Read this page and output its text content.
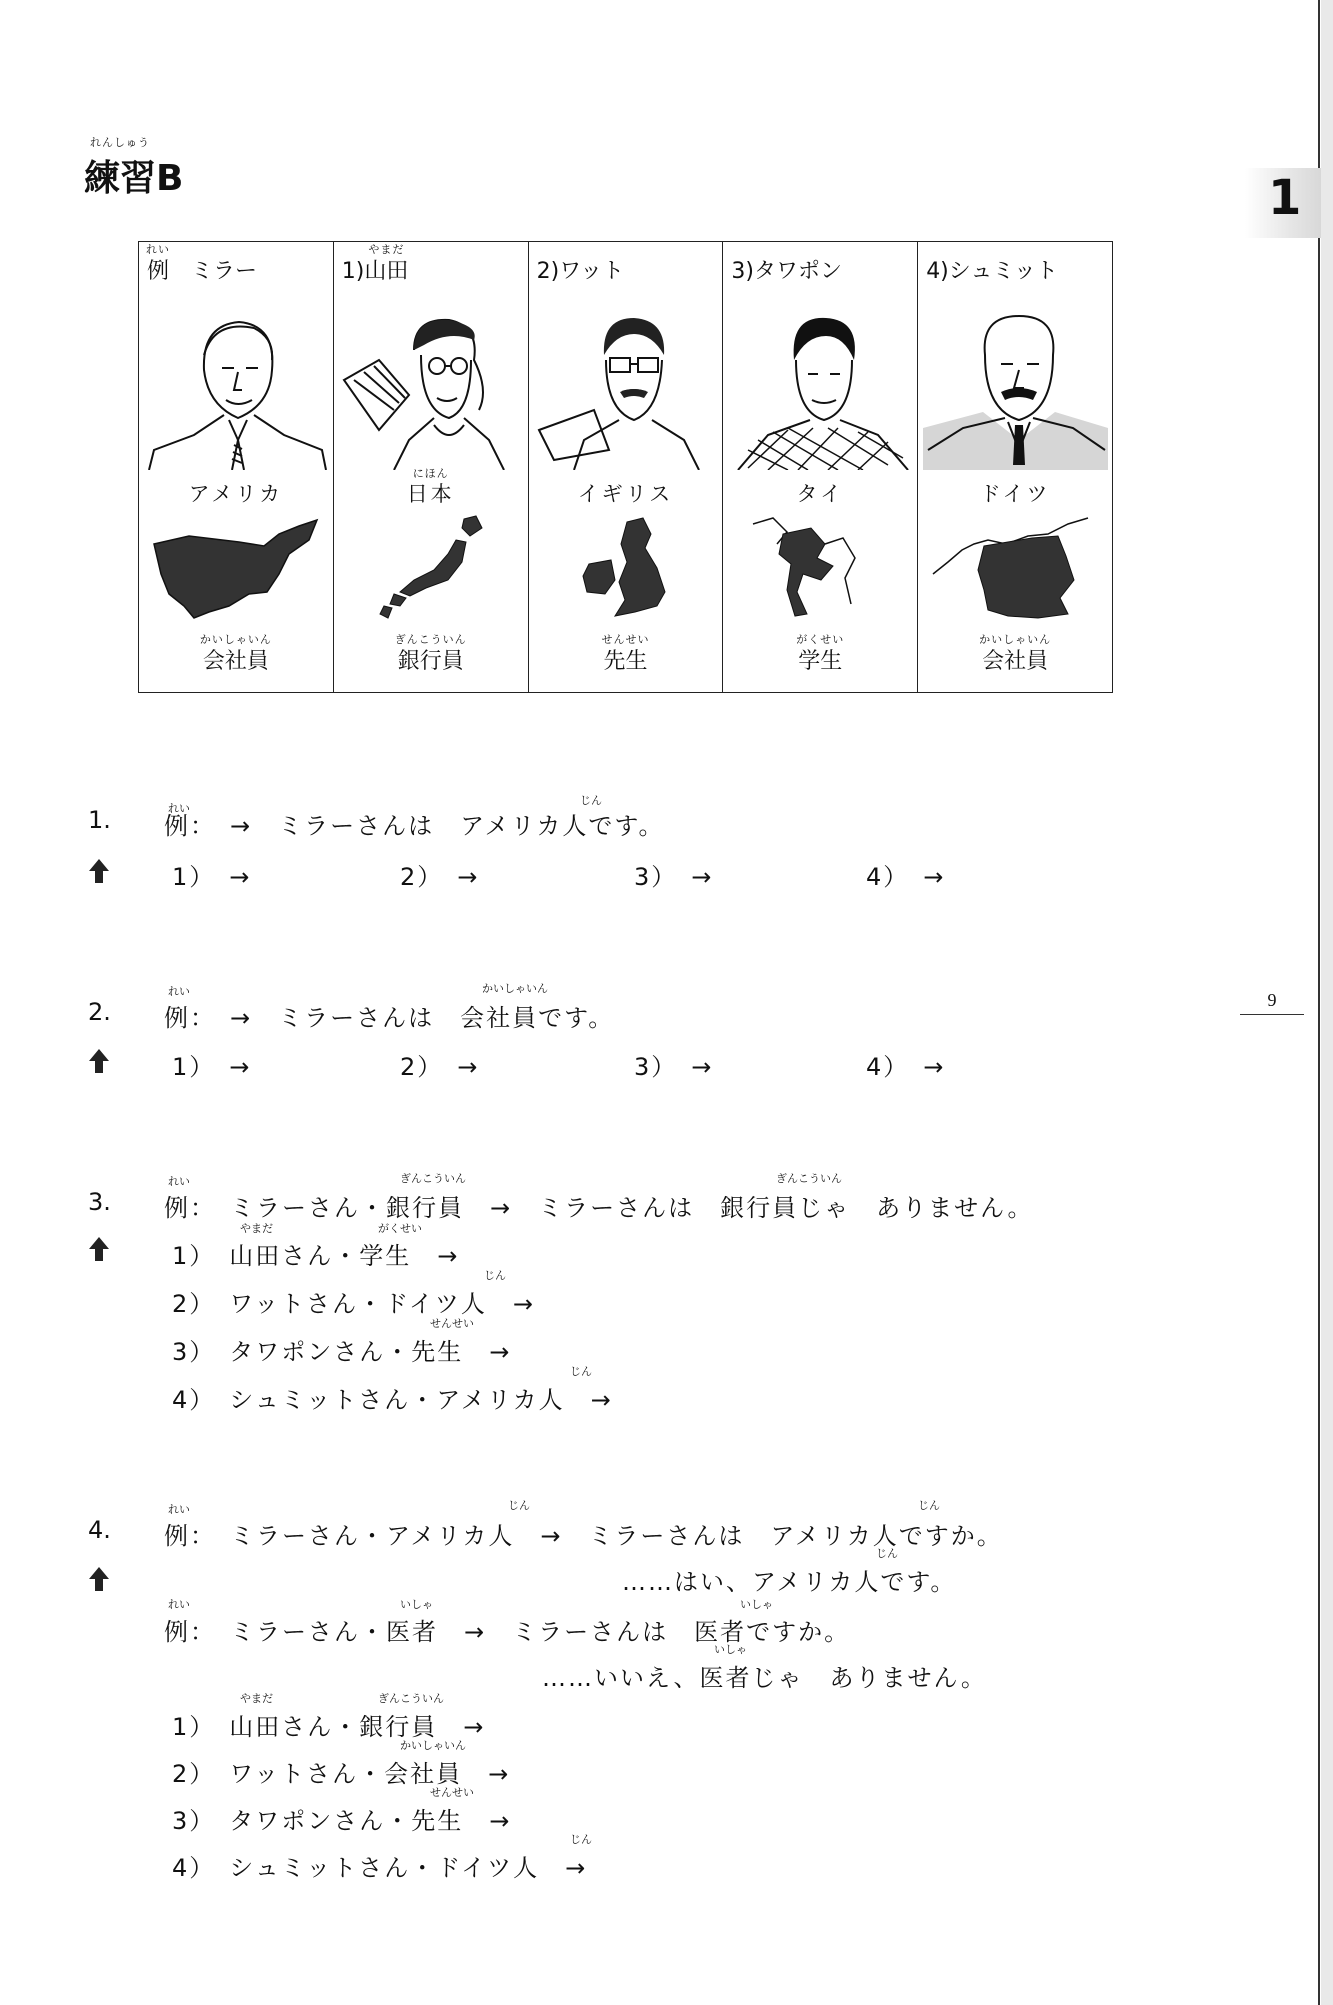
れんしゅう
練習B	1
9
れい
例　ミラー
アメリカ
かいしゃいん
会社員
1)
やまだ
山田
にほん
日本
ぎんこういん
銀行員
2)ワット
イギリス
せんせい
先生
3)タワポン
タイ
がくせい
学生
4)シュミット
ドイツ
かいしゃいん
会社員
1.	れい
じん
例：　→　ミラーさんは　アメリカ人です。
1）　→	2）　→	3）　→	4）　→
2.
れい	かいしゃいん
例：　→　ミラーさんは　会社員です。
1）　→	2）　→	3）　→	4）　→
3.
れい	ぎんこういん	ぎんこういん
例：　ミラーさん・銀行員　→　ミラーさんは　銀行員じゃ　ありません。
やまだ	がくせい
1）　山田さん・学生　→
じん
2）　ワットさん・ドイツ人　→
せんせい
3）　タワポンさん・先生　→
じん
4）　シュミットさん・アメリカ人　→
4.
れい	じん	じん
例：　ミラーさん・アメリカ人　→　ミラーさんは　アメリカ人ですか。
じん
……はい、アメリカ人です。
れい	いしゃ	いしゃ
例：　ミラーさん・医者　→　ミラーさんは　医者ですか。
いしゃ
……いいえ、医者じゃ　ありません。
やまだ	ぎんこういん
1）　山田さん・銀行員　→
かいしゃいん
2）　ワットさん・会社員　→
せんせい
3）　タワポンさん・先生　→
じん
4）　シュミットさん・ドイツ人　→
